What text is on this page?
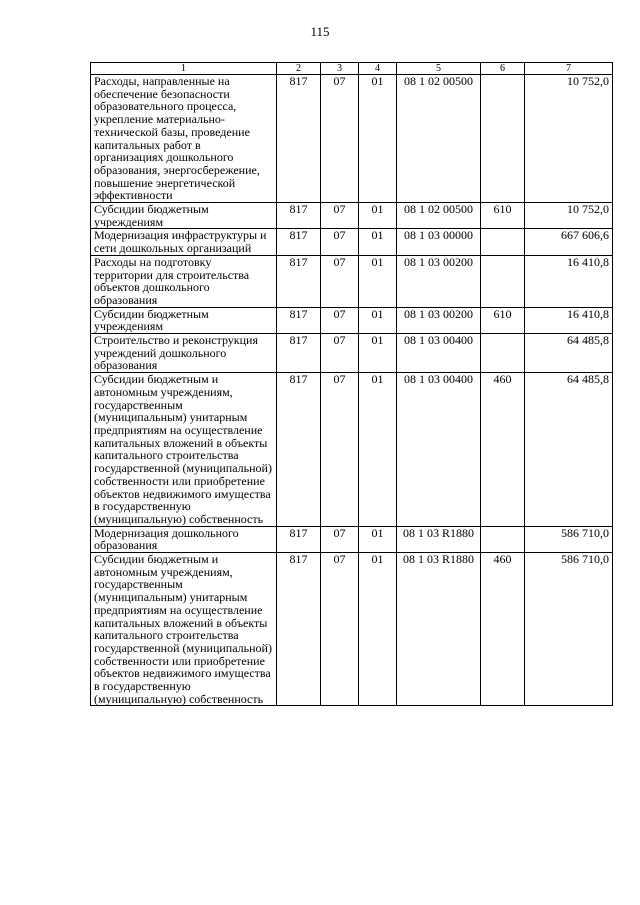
115
1	2	3	4	5	6	7
Расходы, направленные на обеспечение безопасности образовательного процесса, укрепление материально-технической базы, проведение капитальных работ в организациях дошкольного образования, энергосбережение, повышение энергетической эффективности	817	07	01	08 1 02 00500		10 752,0
Субсидии бюджетным учреждениям	817	07	01	08 1 02 00500	610	10 752,0
Модернизация инфраструктуры и сети дошкольных организаций	817	07	01	08 1 03 00000		667 606,6
Расходы на подготовку территории для строительства объектов дошкольного образования	817	07	01	08 1 03 00200		16 410,8
Субсидии бюджетным учреждениям	817	07	01	08 1 03 00200	610	16 410,8
Строительство и реконструкция учреждений дошкольного образования	817	07	01	08 1 03 00400		64 485,8
Субсидии бюджетным и автономным учреждениям, государственным (муниципальным) унитарным предприятиям на осуществление капитальных вложений в объекты капитального строительства государственной (муниципальной) собственности или приобретение объектов недвижимого имущества в государственную (муниципальную) собственность	817	07	01	08 1 03 00400	460	64 485,8
Модернизация дошкольного образования	817	07	01	08 1 03 R1880		586 710,0
Субсидии бюджетным и автономным учреждениям, государственным (муниципальным) унитарным предприятиям на осуществление капитальных вложений в объекты капитального строительства государственной (муниципальной) собственности или приобретение объектов недвижимого имущества в государственную (муниципальную) собственность	817	07	01	08 1 03 R1880	460	586 710,0
